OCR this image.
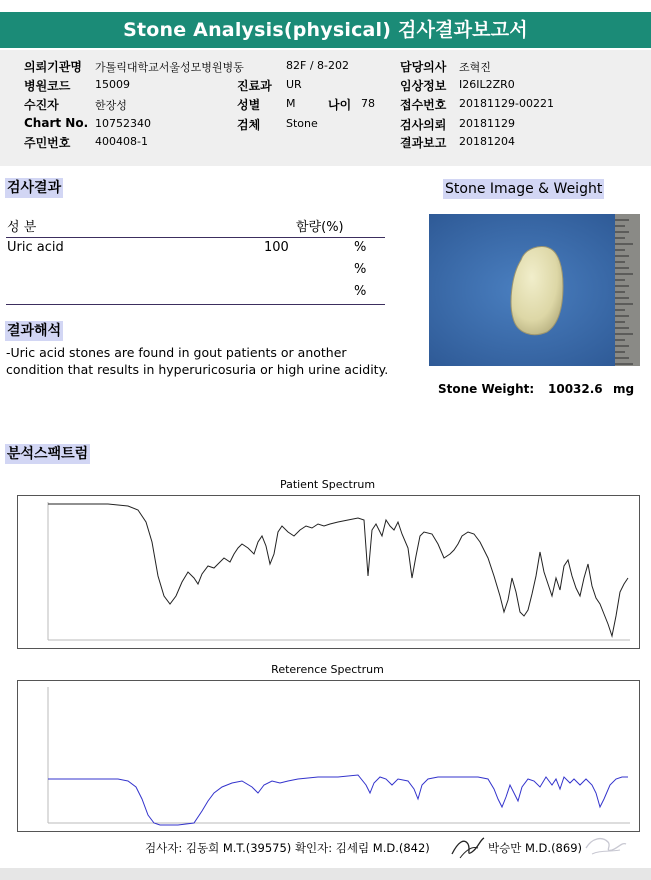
Stone Analysis(physical) 검사결과보고서
의뢰기관명 가톨릭대학교서울성모병원병동	82F / 8-202	담당의사 조혁진
병원코드 15009	진료과 UR	임상정보 I26IL2ZR0
수진자	한장성	성별 M	나이 78 접수번호 20181129-00221
Chart No. 10752340	검체 Stone	검사의뢰 20181129
주민번호 400408-1	결과보고 20181204
검사결과
성 분	함량(%)
Uric acid	100	%
%
%
결과해석
-Uric acid stones are found in gout patients or another
condition that results in hyperuricosuria or high urine acidity.
Stone Image & Weight
Stone Weight: 10032.6 mg
분석스팩트럼
Patient Spectrum
Reterence Spectrum
검사자: 김동희 M.T.(39575) 확인자: 김세림 M.D.(842)	박승만 M.D.(869)
